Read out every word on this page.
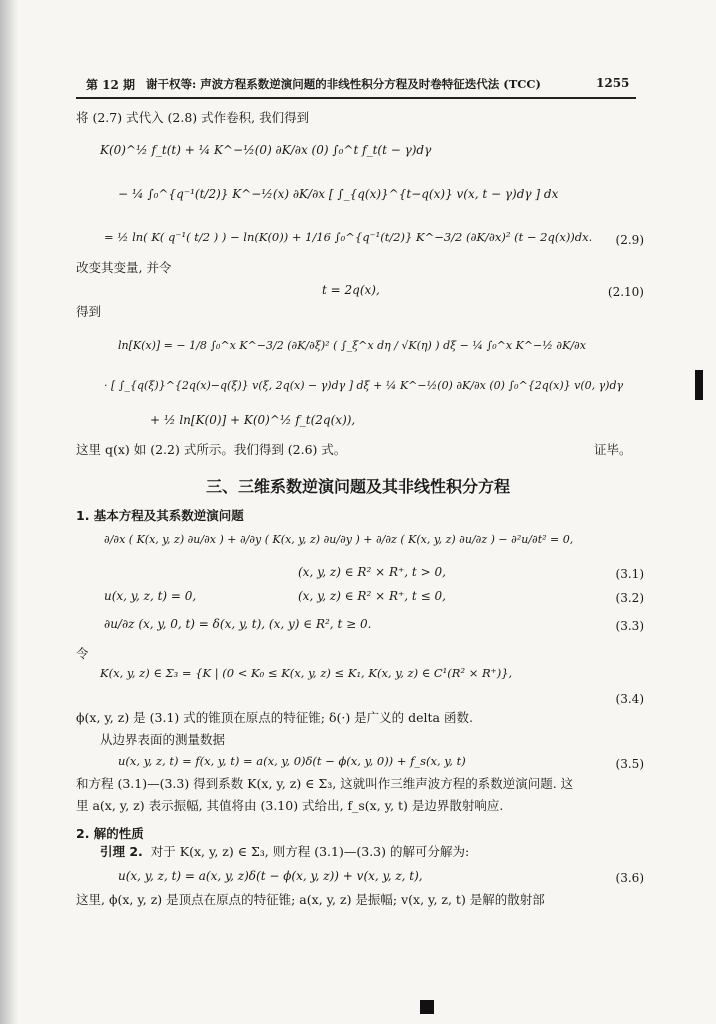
第 12 期 谢干权等: 声波方程系数逆演问题的非线性积分方程及时卷特征迭代法 (TCC)	1255
将 (2.7) 式代入 (2.8) 式作卷积, 我们得到
K(0)^½ f_t(t) + ¼ K^−½(0) ∂K/∂x (0) ∫₀^t f_t(t − γ)dγ
− ¼ ∫₀^{q⁻¹(t/2)} K^−½(x) ∂K/∂x [ ∫_{q(x)}^{t−q(x)} v(x, t − γ)dγ ] dx
= ½ ln( K( q⁻¹( t/2 ) ) − ln(K(0)) + 1/16 ∫₀^{q⁻¹(t/2)} K^−3/2 (∂K/∂x)² (t − 2q(x))dx. (2.9)
改变其变量, 并令
t = 2q(x),	(2.10)
得到
ln[K(x)] = − 1/8 ∫₀^x K^−3/2 (∂K/∂ξ)² ( ∫_ξ^x dη / √K(η) ) dξ − ¼ ∫₀^x K^−½ ∂K/∂x
· [ ∫_{q(ξ)}^{2q(x)−q(ξ)} v(ξ, 2q(x) − γ)dγ ] dξ + ¼ K^−½(0) ∂K/∂x (0) ∫₀^{2q(x)} v(0, γ)dγ
+ ½ ln[K(0)] + K(0)^½ f_t(2q(x)),
这里 q(x) 如 (2.2) 式所示。我们得到 (2.6) 式。	证毕。
三、三维系数逆演问题及其非线性积分方程
1. 基本方程及其系数逆演问题
∂/∂x ( K(x, y, z) ∂u/∂x ) + ∂/∂y ( K(x, y, z) ∂u/∂y ) + ∂/∂z ( K(x, y, z) ∂u/∂z ) − ∂²u/∂t² = 0,
(x, y, z) ∈ R² × R⁺, t > 0,	(3.1)
u(x, y, z, t) = 0,	(x, y, z) ∈ R² × R⁺, t ≤ 0,	(3.2)
∂u/∂z (x, y, 0, t) = δ(x, y, t), (x, y) ∈ R², t ≥ 0.	(3.3)
令
K(x, y, z) ∈ Σ₃ = {K | (0 < K₀ ≤ K(x, y, z) ≤ K₁, K(x, y, z) ∈ C¹(R² × R⁺)},
(3.4)
ϕ(x, y, z) 是 (3.1) 式的锥顶在原点的特征锥; δ(·) 是广义的 delta 函数.
从边界表面的测量数据
u(x, y, z, t) = f(x, y, t) = a(x, y, 0)δ(t − ϕ(x, y, 0)) + f_s(x, y, t)	(3.5)
和方程 (3.1)—(3.3) 得到系数 K(x, y, z) ∈ Σ₃, 这就叫作三维声波方程的系数逆演问题. 这
里 a(x, y, z) 表示振幅, 其值将由 (3.10) 式给出, f_s(x, y, t) 是边界散射响应.
2. 解的性质
引理 2. 对于 K(x, y, z) ∈ Σ₃, 则方程 (3.1)—(3.3) 的解可分解为:
u(x, y, z, t) = a(x, y, z)δ(t − ϕ(x, y, z)) + v(x, y, z, t),	(3.6)
这里, ϕ(x, y, z) 是顶点在原点的特征锥; a(x, y, z) 是振幅; v(x, y, z, t) 是解的散射部
